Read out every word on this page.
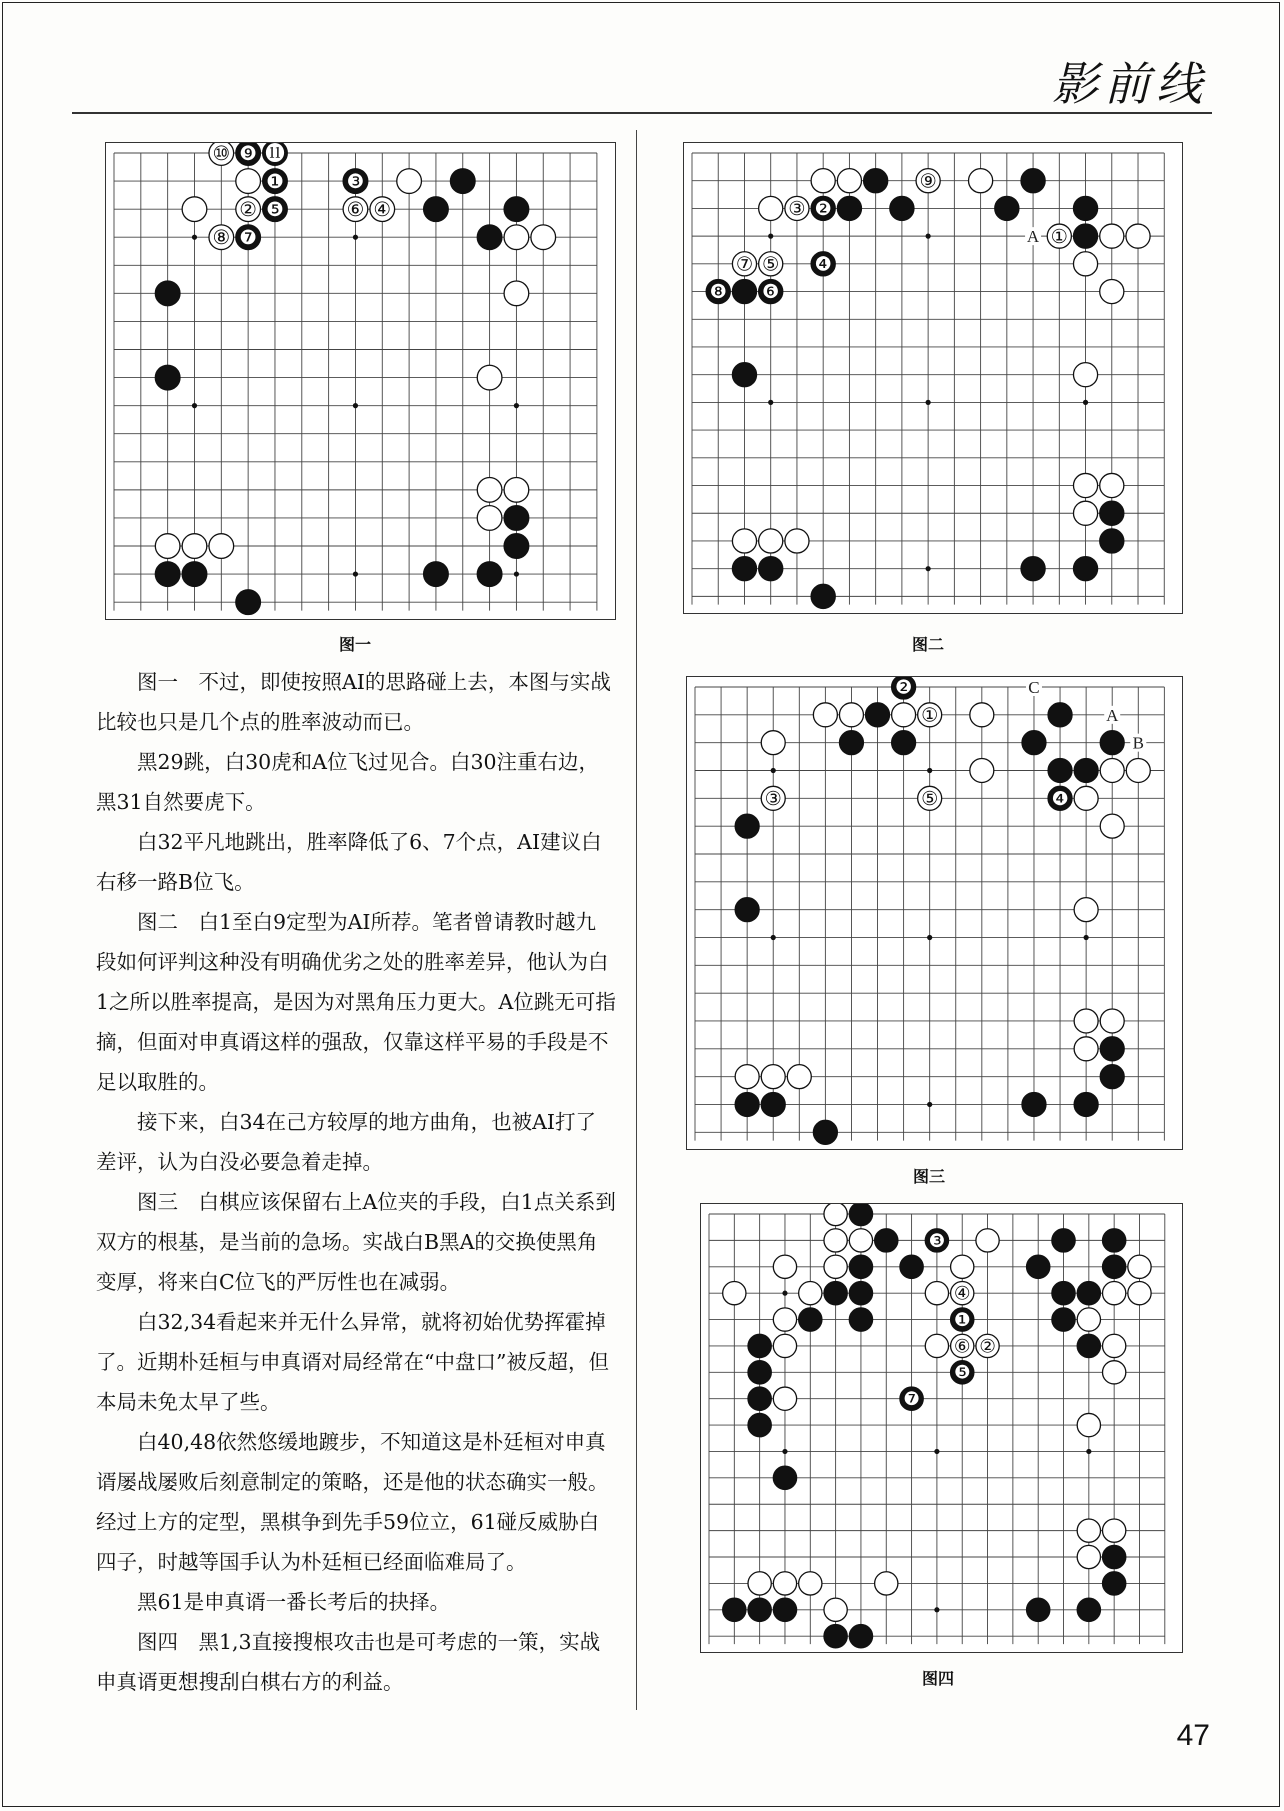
影前线
⑩ ❾ ⓫
❶
② ❺
⑧ ❼
❸
⑥ ④
图一
A
⑨
③ ❷
①
⑦ ⑤ ❹
❽ ❻
图二
C
A
B
❷
①
③	⑤	❹
图三
❸
④
❶
⑥ ②
❺
❼
图四

图一　不过，即使按照AI的思路碰上去，本图与实战比较也只是几个点的胜率波动而已。

黑29跳，白30虎和A位飞过见合。白30注重右边，黑31自然要虎下。

白32平凡地跳出，胜率降低了6、7个点，AI建议白右移一路B位飞。

图二　白1至白9定型为AI所荐。笔者曾请教时越九段如何评判这种没有明确优劣之处的胜率差异，他认为白1之所以胜率提高，是因为对黑角压力更大。A位跳无可指摘，但面对申真谞这样的强敌，仅靠这样平易的手段是不足以取胜的。

接下来，白34在己方较厚的地方曲角，也被AI打了差评，认为白没必要急着走掉。

图三　白棋应该保留右上A位夹的手段，白1点关系到双方的根基，是当前的急场。实战白B黑A的交换使黑角变厚，将来白C位飞的严厉性也在减弱。

白32,34看起来并无什么异常，就将初始优势挥霍掉了。近期朴廷桓与申真谞对局经常在“中盘口”被反超，但本局未免太早了些。

白40,48依然悠缓地踱步，不知道这是朴廷桓对申真谞屡战屡败后刻意制定的策略，还是他的状态确实一般。经过上方的定型，黑棋争到先手59位立，61碰反威胁白四子，时越等国手认为朴廷桓已经面临难局了。

黑61是申真谞一番长考后的抉择。

图四　黑1,3直接搜根攻击也是可考虑的一策，实战申真谞更想搜刮白棋右方的利益。

47
